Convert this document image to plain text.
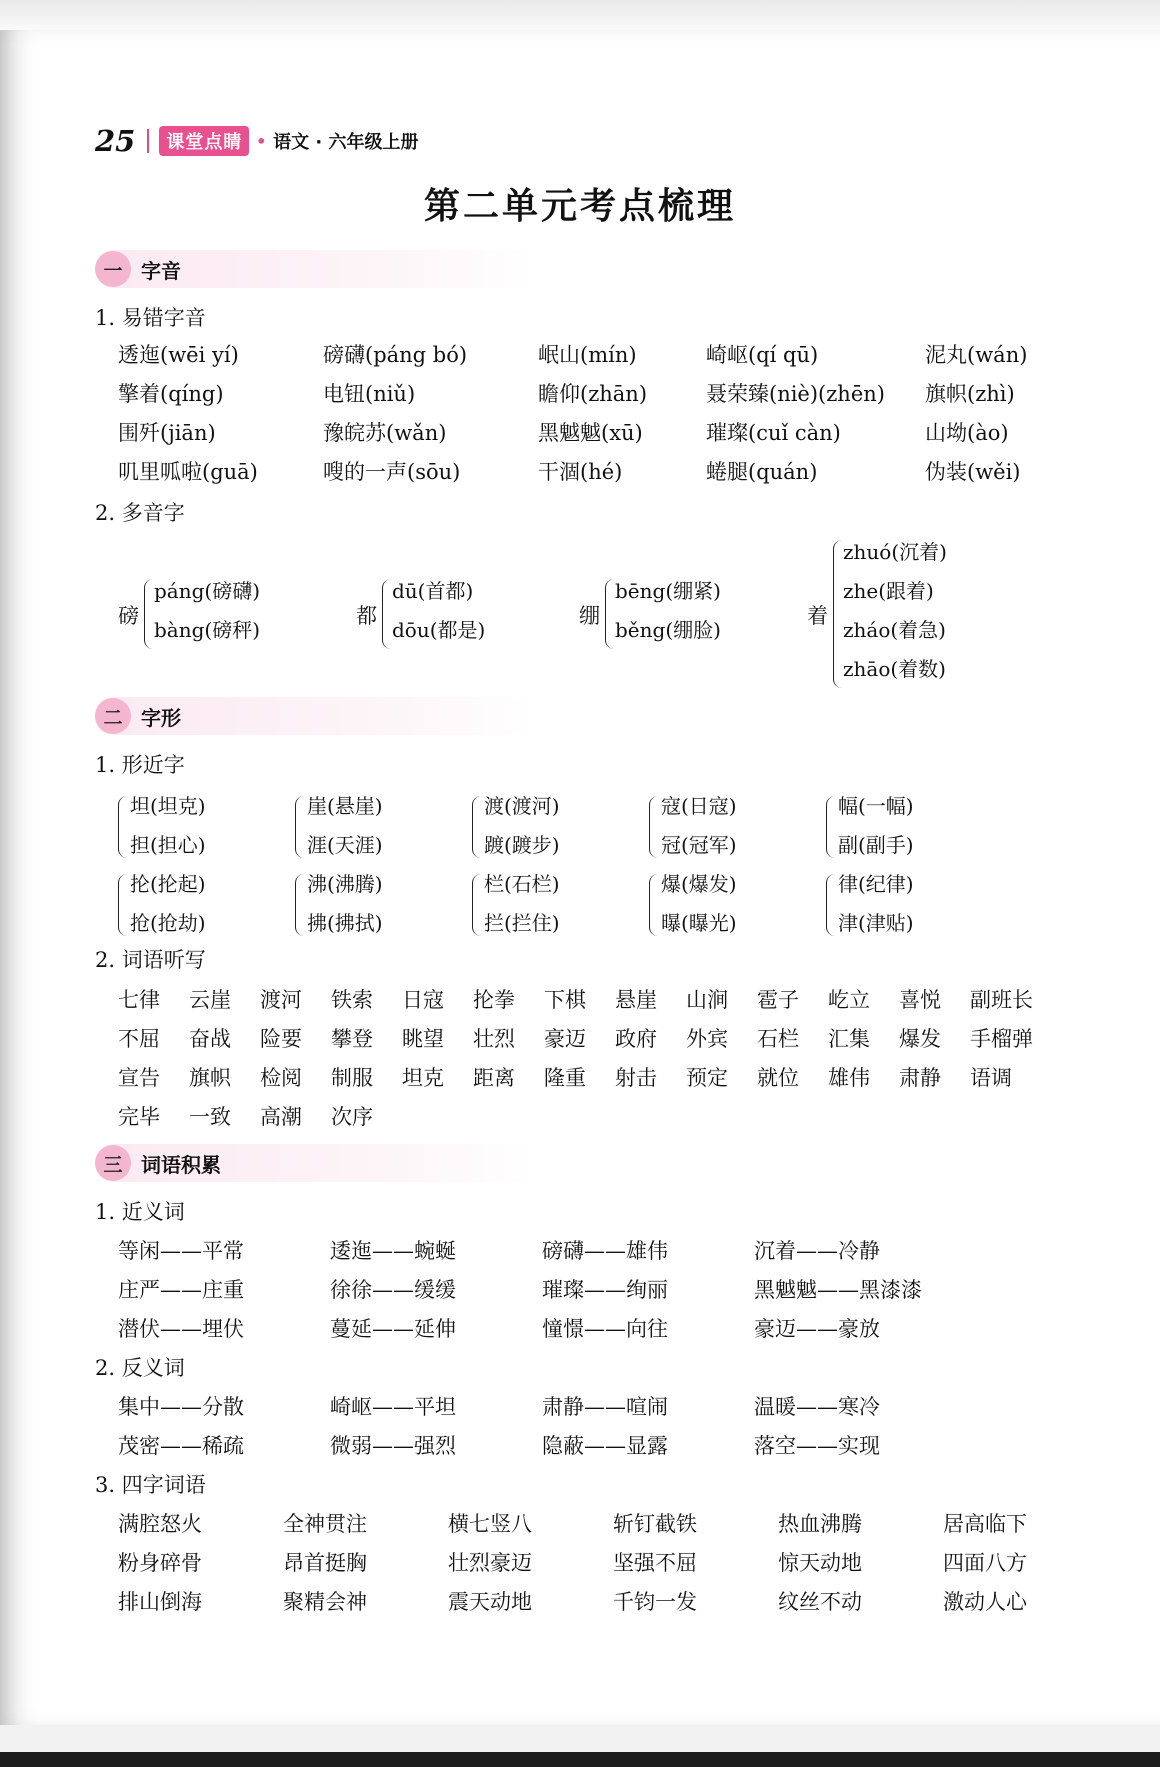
25	课堂点睛 • 语文 · 六年级上册
第二单元考点梳理
一 字音
1. 易错字音
透迤(wēi yí)	磅礴(páng bó)	岷山(mín)	崎岖(qí qū)	泥丸(wán)
擎着(qíng)	电钮(niǔ)	瞻仰(zhān)	聂荣臻(niè)(zhēn) 旗帜(zhì)
围歼(jiān)	豫皖苏(wǎn)	黑魆魆(xū)	璀璨(cuǐ càn)	山坳(ào)
叽里呱啦(guā)	嗖的一声(sōu)	干涸(hé)	蜷腿(quán)	伪装(wěi)
2. 多音字
磅
páng(磅礴)
bàng(磅秤)
都
dū(首都)
dōu(都是)
绷
bēng(绷紧)
běng(绷脸)
着
zhuó(沉着)
zhe(跟着)
zháo(着急)
zhāo(着数)
二 字形
1. 形近字
坦(坦克)
担(担心)
崖(悬崖)
涯(天涯)
渡(渡河)
踱(踱步)
寇(日寇)
冠(冠军)
幅(一幅)
副(副手)
抡(抡起)
抢(抢劫)
沸(沸腾)
拂(拂拭)
栏(石栏)
拦(拦住)
爆(爆发)
曝(曝光)
律(纪律)
津(津贴)
2. 词语听写
七律 云崖 渡河 铁索 日寇 抡拳 下棋 悬崖 山涧 雹子 屹立 喜悦 副班长
不屈 奋战 险要 攀登 眺望 壮烈 豪迈 政府 外宾 石栏 汇集 爆发 手榴弹
宣告 旗帜 检阅 制服 坦克 距离 隆重 射击 预定 就位 雄伟 肃静 语调
完毕 一致 高潮 次序
三 词语积累
1. 近义词
等闲——平常	逶迤——蜿蜒	磅礴——雄伟	沉着——冷静
庄严——庄重	徐徐——缓缓	璀璨——绚丽	黑魆魆——黑漆漆
潜伏——埋伏	蔓延——延伸	憧憬——向往	豪迈——豪放
2. 反义词
集中——分散	崎岖——平坦	肃静——喧闹	温暖——寒冷
茂密——稀疏	微弱——强烈	隐蔽——显露	落空——实现
3. 四字词语
满腔怒火	全神贯注	横七竖八	斩钉截铁	热血沸腾	居高临下
粉身碎骨	昂首挺胸	壮烈豪迈	坚强不屈	惊天动地	四面八方
排山倒海	聚精会神	震天动地	千钧一发	纹丝不动	激动人心
